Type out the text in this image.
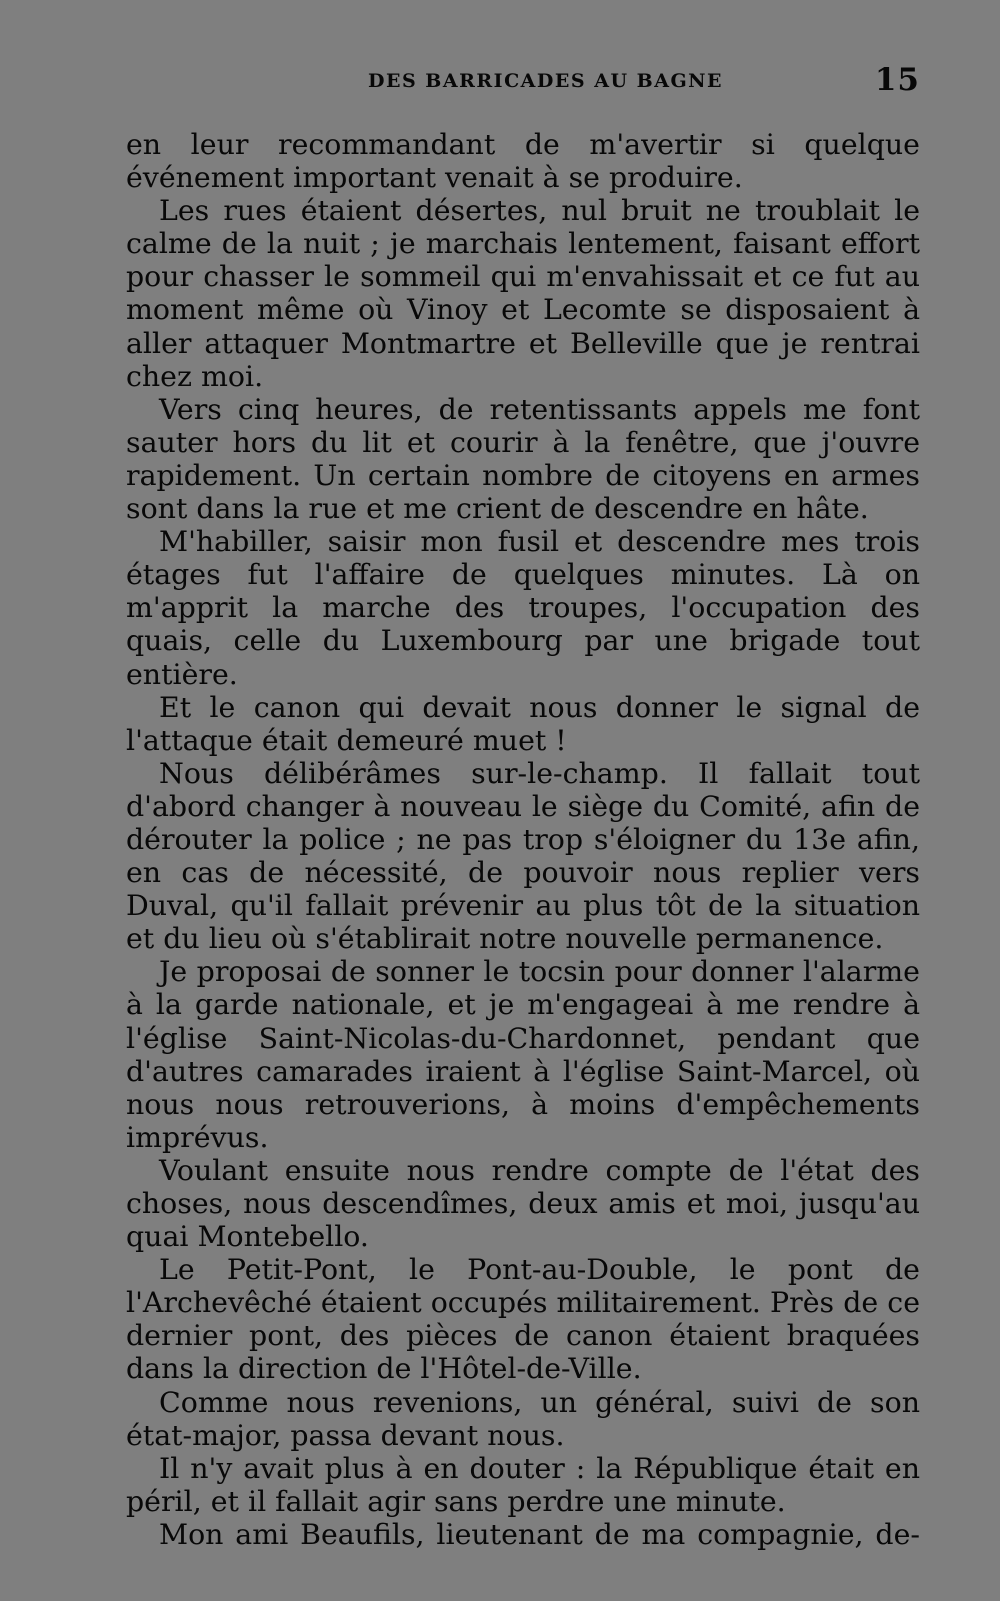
DES BARRICADES AU BAGNE	15

en leur recommandant de m'avertir si quelque événement important venait à se produire.

Les rues étaient désertes, nul bruit ne troublait le calme de la nuit ; je marchais lentement, faisant effort pour chasser le sommeil qui m'envahissait et ce fut au moment même où Vinoy et Lecomte se disposaient à aller attaquer Montmartre et Belleville que je rentrai chez moi.

Vers cinq heures, de retentissants appels me font sauter hors du lit et courir à la fenêtre, que j'ouvre rapidement. Un certain nombre de citoyens en armes sont dans la rue et me crient de descendre en hâte.

M'habiller, saisir mon fusil et descendre mes trois étages fut l'affaire de quelques minutes. Là on m'apprit la marche des troupes, l'occupation des quais, celle du Luxembourg par une brigade tout entière.

Et le canon qui devait nous donner le signal de l'attaque était demeuré muet !

Nous délibérâmes sur-le-champ. Il fallait tout d'abord changer à nouveau le siège du Comité, afin de dérouter la police ; ne pas trop s'éloigner du 13e afin, en cas de nécessité, de pouvoir nous replier vers Duval, qu'il fallait prévenir au plus tôt de la situation et du lieu où s'établirait notre nouvelle permanence.

Je proposai de sonner le tocsin pour donner l'alarme à la garde nationale, et je m'engageai à me rendre à l'église Saint-Nicolas-du-Chardonnet, pendant que d'autres camarades iraient à l'église Saint-Marcel, où nous nous retrouverions, à moins d'empêchements imprévus.

Voulant ensuite nous rendre compte de l'état des choses, nous descendîmes, deux amis et moi, jusqu'au quai Montebello.

Le Petit-Pont, le Pont-au-Double, le pont de l'Archevêché étaient occupés militairement. Près de ce dernier pont, des pièces de canon étaient braquées dans la direction de l'Hôtel-de-Ville.

Comme nous revenions, un général, suivi de son état-major, passa devant nous.

Il n'y avait plus à en douter : la République était en péril, et il fallait agir sans perdre une minute.

Mon ami Beaufils, lieutenant de ma compagnie, de-
